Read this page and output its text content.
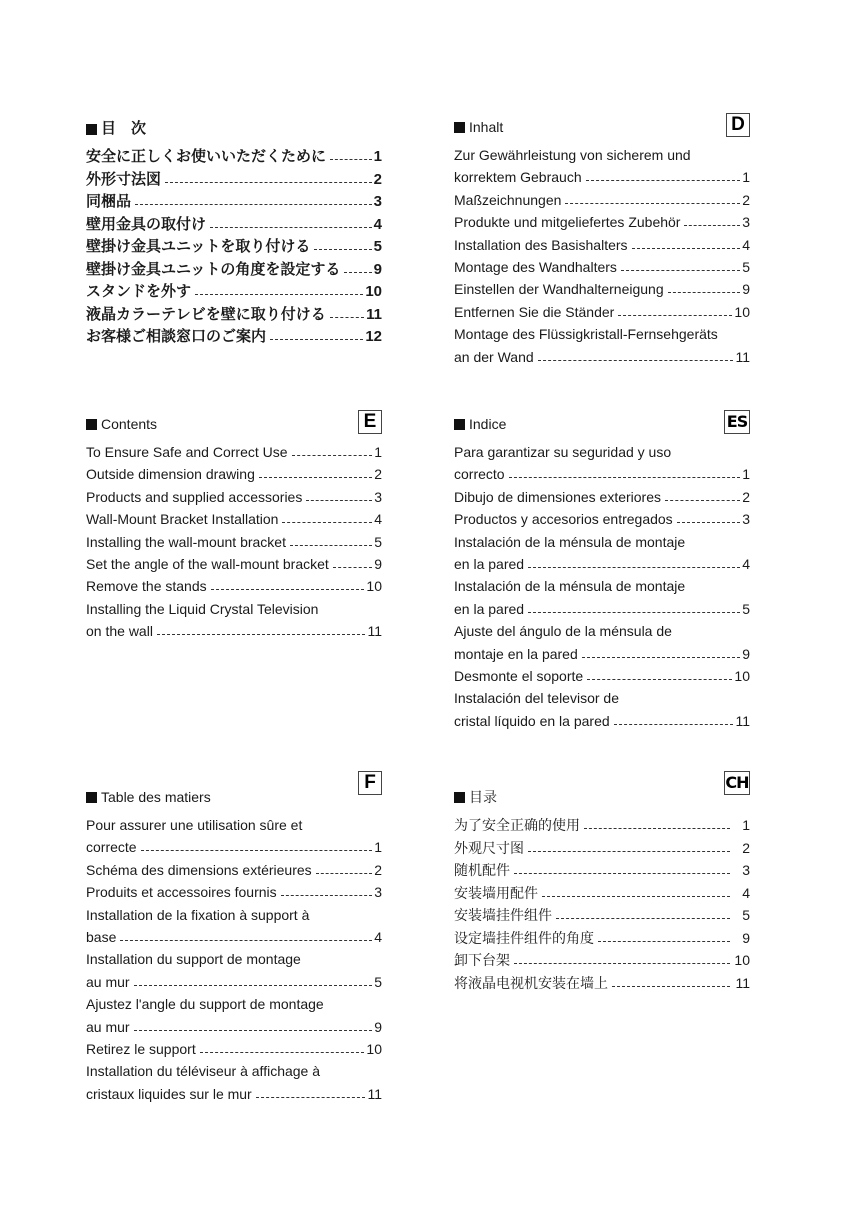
目　次
安全に正しくお使いいただくために	1
外形寸法図	2
同梱品	3
壁用金具の取付け	4
壁掛け金具ユニットを取り付ける	5
壁掛け金具ユニットの角度を設定する 9
スタンドを外す	10
液晶カラーテレビを壁に取り付ける	11
お客様ご相談窓口のご案内	12
Inhalt	D
Zur Gewährleistung von sicherem und
korrektem Gebrauch	1
Maßzeichnungen	2
Produkte und mitgeliefertes Zubehör	3
Installation des Basishalters	4
Montage des Wandhalters	5
Einstellen der Wandhalterneigung	9
Entfernen Sie die Ständer	10
Montage des Flüssigkristall-Fernsehgeräts
an der Wand	11
Contents	E
To Ensure Safe and Correct Use	1
Outside dimension drawing	2
Products and supplied accessories	3
Wall-Mount Bracket Installation	4
Installing the wall-mount bracket	5
Set the angle of the wall-mount bracket	9
Remove the stands	10
Installing the Liquid Crystal Television
on the wall	11
Indice	ES
Para garantizar su seguridad y uso
correcto	1
Dibujo de dimensiones exteriores	2
Productos y accesorios entregados	3
Instalación de la ménsula de montaje
en la pared	4
Instalación de la ménsula de montaje
en la pared	5
Ajuste del ángulo de la ménsula de
montaje en la pared	9
Desmonte el soporte	10
Instalación del televisor de
cristal líquido en la pared	11
Table des matiers
F
Pour assurer une utilisation sûre et
correcte	1
Schéma des dimensions extérieures	2
Produits et accessoires fournis	3
Installation de la fixation à support à
base	4
Installation du support de montage
au mur	5
Ajustez l'angle du support de montage
au mur	9
Retirez le support	10
Installation du téléviseur à affichage à
cristaux liquides sur le mur	11
目录
CH
为了安全正确的使用	1
外观尺寸图	2
随机配件	3
安装墙用配件	4
安装墙挂件组件	5
设定墙挂件组件的角度	9
卸下台架	10
将液晶电视机安装在墙上	11
